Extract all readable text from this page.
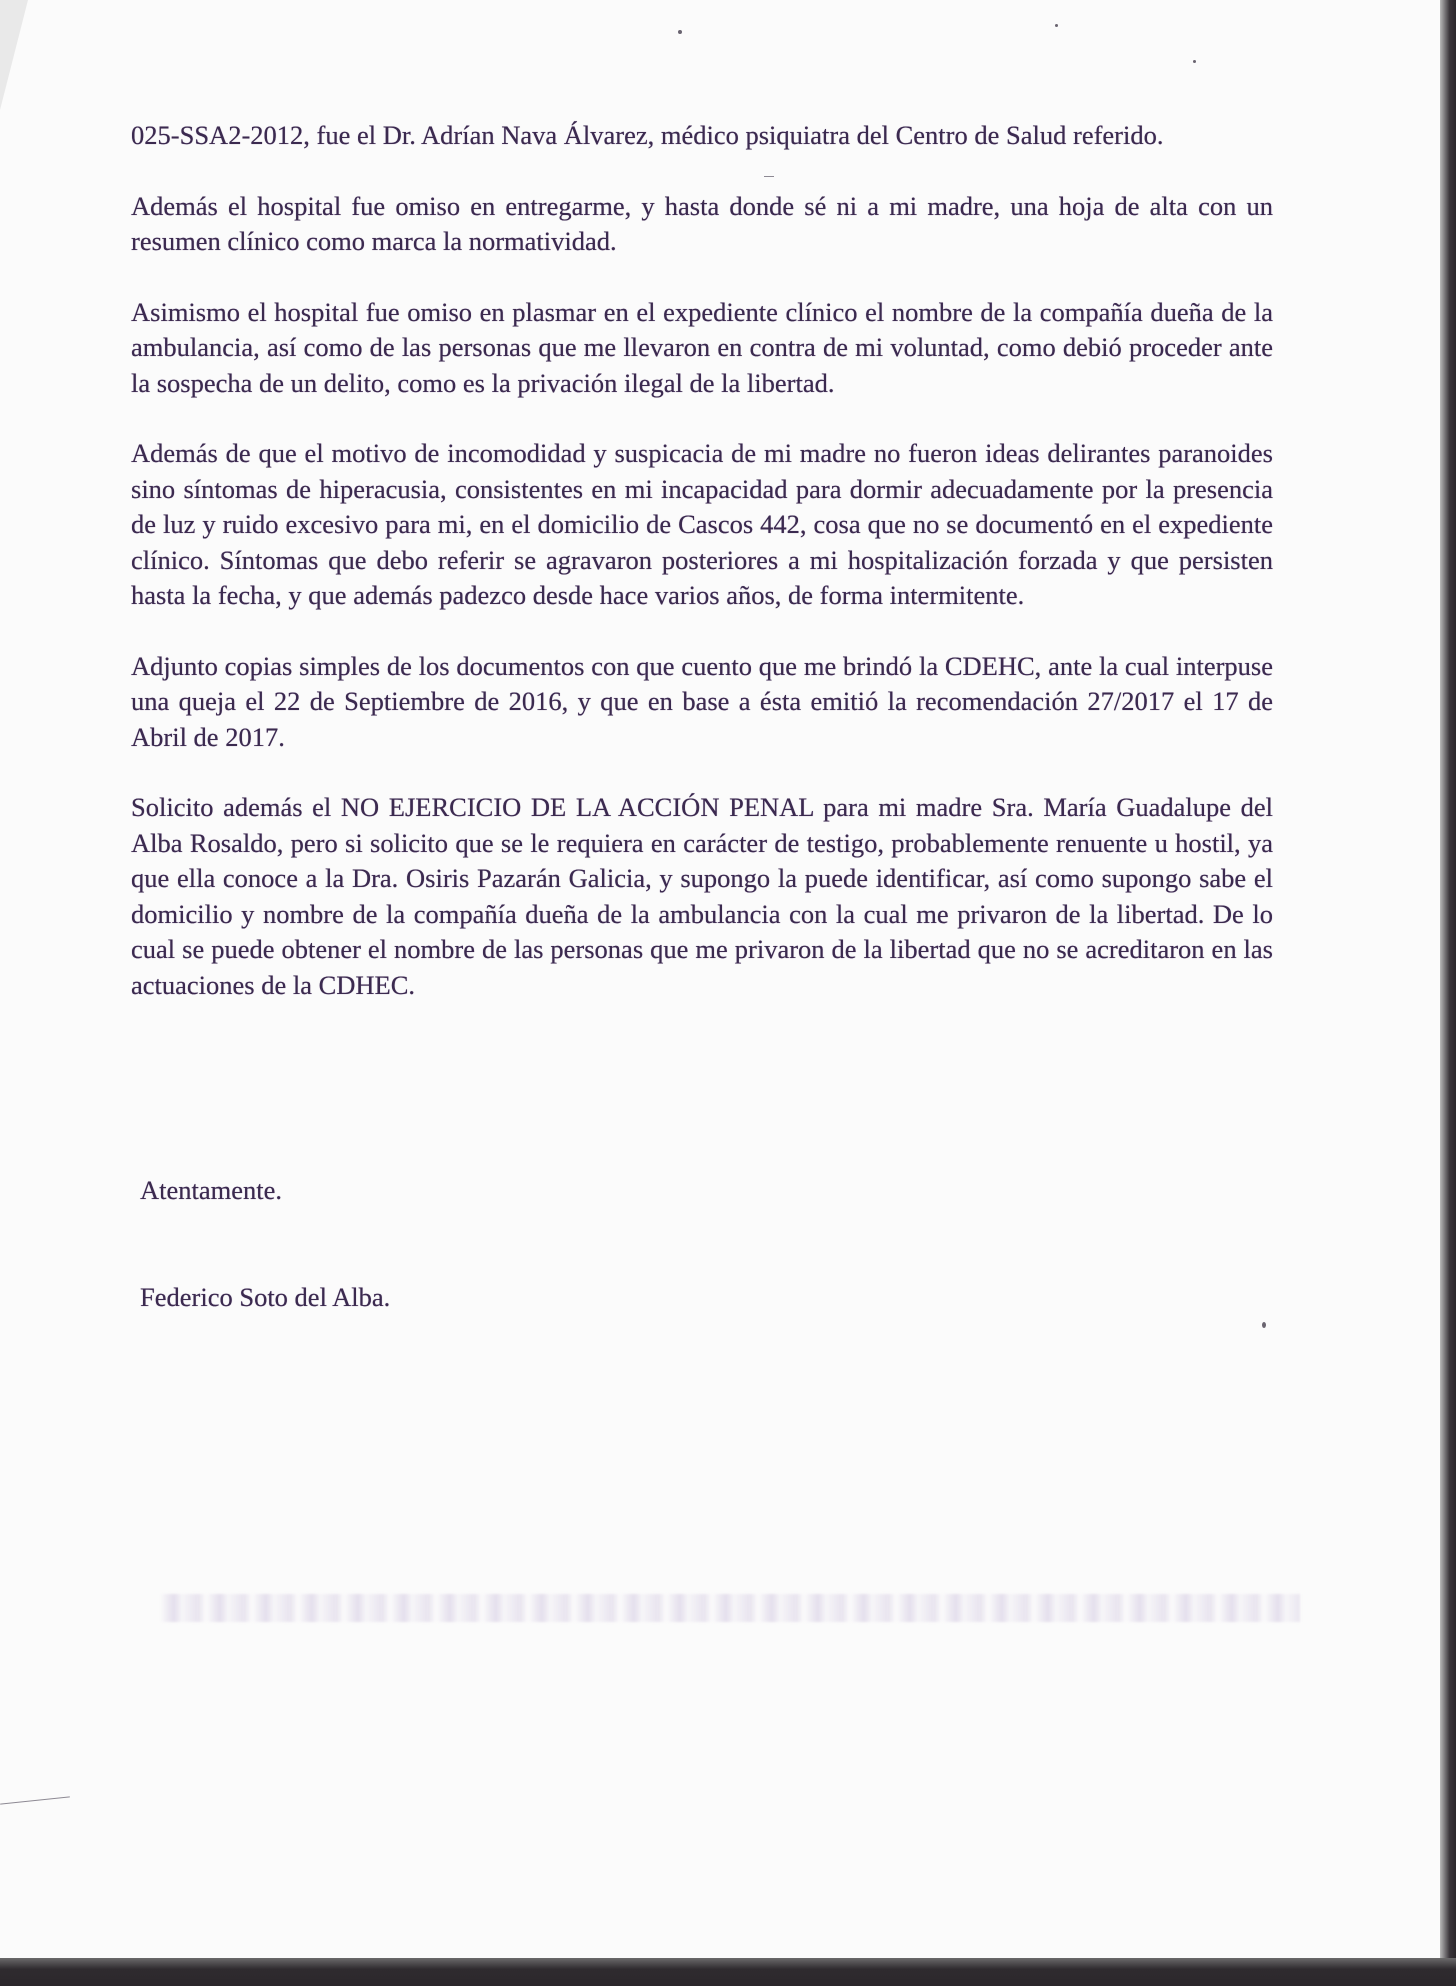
025-SSA2-2012, fue el Dr. Adrían Nava Álvarez, médico psiquiatra del Centro de Salud referido.

Además el hospital fue omiso en entregarme, y hasta donde sé ni a mi madre, una hoja de alta con un resumen clínico como marca la normatividad.

Asimismo el hospital fue omiso en plasmar en el expediente clínico el nombre de la compañía dueña de la ambulancia, así como de las personas que me llevaron en contra de mi voluntad, como debió proceder ante la sospecha de un delito, como es la privación ilegal de la libertad.

Además de que el motivo de incomodidad y suspicacia de mi madre no fueron ideas delirantes paranoides sino síntomas de hiperacusia, consistentes en mi incapacidad para dormir adecuadamente por la presencia de luz y ruido excesivo para mi, en el domicilio de Cascos 442, cosa que no se documentó en el expediente clínico. Síntomas que debo referir se agravaron posteriores a mi hospitalización forzada y que persisten hasta la fecha, y que además padezco desde hace varios años, de forma intermitente.

Adjunto copias simples de los documentos con que cuento que me brindó la CDEHC, ante la cual interpuse una queja el 22 de Septiembre de 2016, y que en base a ésta emitió la recomendación 27/2017 el 17 de Abril de 2017.

Solicito además el NO EJERCICIO DE LA ACCIÓN PENAL para mi madre Sra. María Guadalupe del Alba Rosaldo, pero si solicito que se le requiera en carácter de testigo, probablemente renuente u hostil, ya que ella conoce a la Dra. Osiris Pazarán Galicia, y supongo la puede identificar, así como supongo sabe el domicilio y nombre de la compañía dueña de la ambulancia con la cual me privaron de la libertad. De lo cual se puede obtener el nombre de las personas que me privaron de la libertad que no se acreditaron en las actuaciones de la CDHEC.

Atentamente.
Federico Soto del Alba.
